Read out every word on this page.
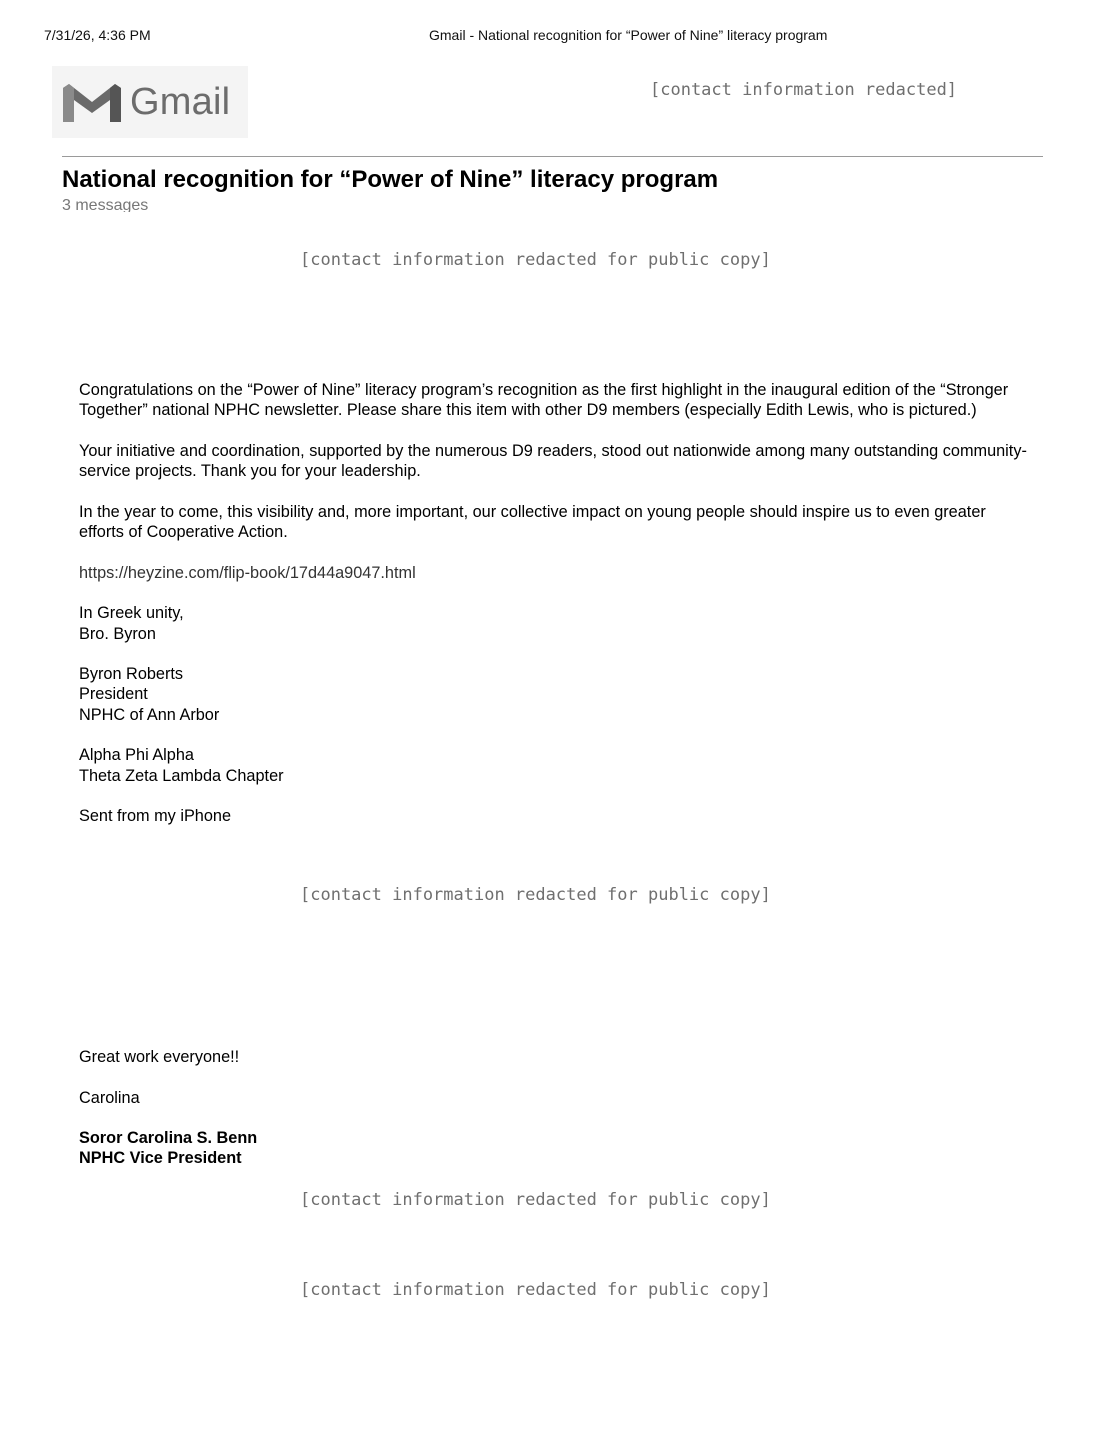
7/31/26, 4:36 PM	Gmail - National recognition for “Power of Nine” literacy program
Gmail	[contact information redacted]
National recognition for “Power of Nine” literacy program
3 messages
[contact information redacted for public copy]

Congratulations on the “Power of Nine” literacy program’s recognition as the first highlight in the inaugural edition of the “Stronger Together” national NPHC newsletter. Please share this item with other D9 members (especially Edith Lewis, who is pictured.)

Your initiative and coordination, supported by the numerous D9 readers, stood out nationwide among many outstanding community-service projects. Thank you for your leadership.

In the year to come, this visibility and, more important, our collective impact on young people should inspire us to even greater efforts of Cooperative Action.

https://heyzine.com/flip-book/17d44a9047.html

In Greek unity,

Bro. Byron

Byron Roberts

President

NPHC of Ann Arbor

Alpha Phi Alpha

Theta Zeta Lambda Chapter

Sent from my iPhone

[contact information redacted for public copy]

Great work everyone!!

Carolina

Soror Carolina S. Benn

NPHC Vice President

[contact information redacted for public copy]
[contact information redacted for public copy]
